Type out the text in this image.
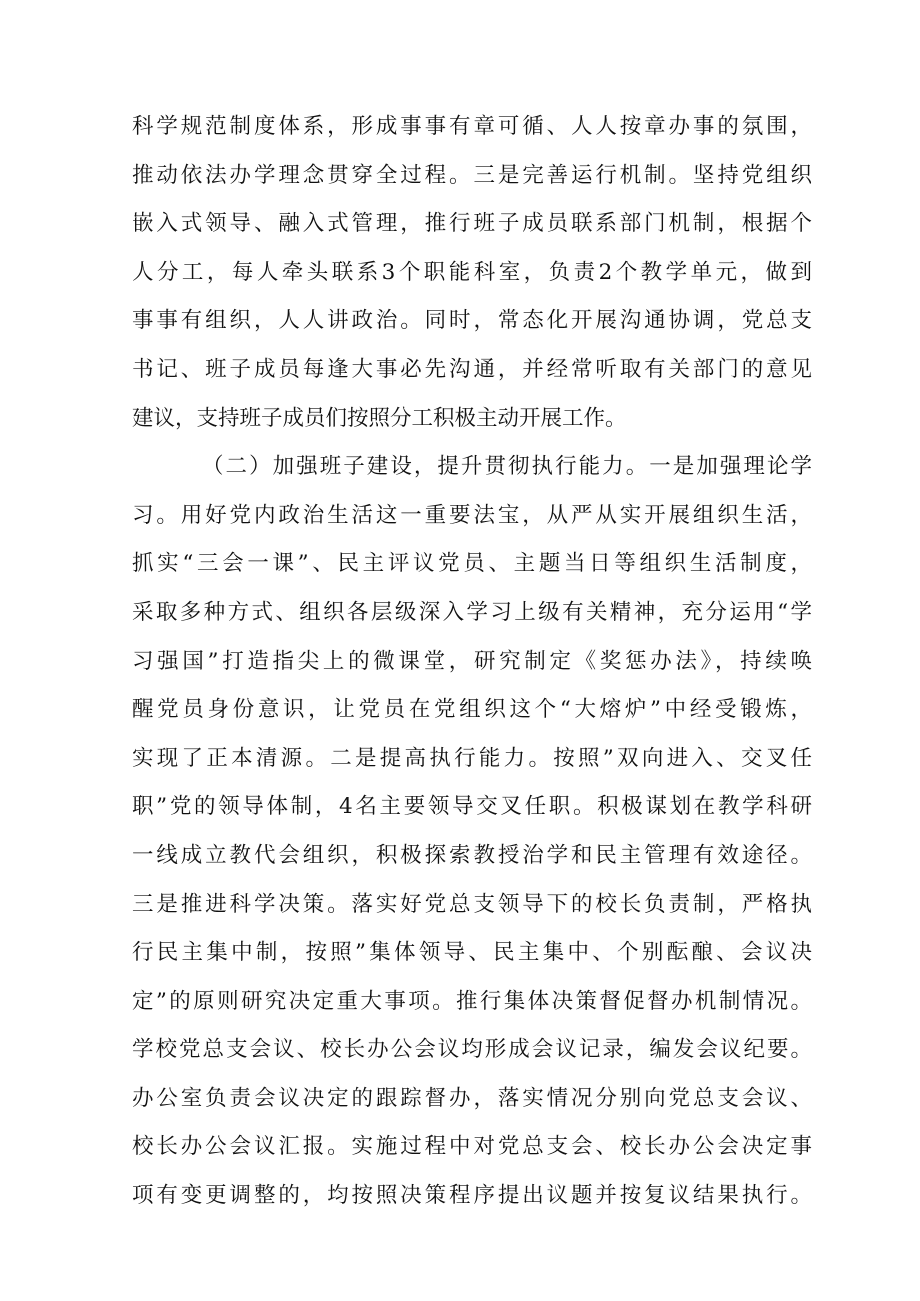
科学规范制度体系，形成事事有章可循、人人按章办事的氛围，
推动依法办学理念贯穿全过程。三是完善运行机制。坚持党组织
嵌入式领导、融入式管理，推行班子成员联系部门机制，根据个
人分工，每人牵头联系3个职能科室，负责2个教学单元，做到
事事有组织，人人讲政治。同时，常态化开展沟通协调，党总支
书记、班子成员每逢大事必先沟通，并经常听取有关部门的意见
建议，支持班子成员们按照分工积极主动开展工作。
（二）加强班子建设，提升贯彻执行能力。一是加强理论学
习。用好党内政治生活这一重要法宝，从严从实开展组织生活，
抓实“三会一课”、民主评议党员、主题当日等组织生活制度，
采取多种方式、组织各层级深入学习上级有关精神，充分运用“学
习强国”打造指尖上的微课堂，研究制定《奖惩办法》，持续唤
醒党员身份意识，让党员在党组织这个“大熔炉”中经受锻炼，
实现了正本清源。二是提高执行能力。按照”双向进入、交叉任
职”党的领导体制，4名主要领导交叉任职。积极谋划在教学科研
一线成立教代会组织，积极探索教授治学和民主管理有效途径。
三是推进科学决策。落实好党总支领导下的校长负责制，严格执
行民主集中制，按照”集体领导、民主集中、个别酝酿、会议决
定”的原则研究决定重大事项。推行集体决策督促督办机制情况。
学校党总支会议、校长办公会议均形成会议记录，编发会议纪要。
办公室负责会议决定的跟踪督办，落实情况分别向党总支会议、
校长办公会议汇报。实施过程中对党总支会、校长办公会决定事
项有变更调整的，均按照决策程序提出议题并按复议结果执行。
